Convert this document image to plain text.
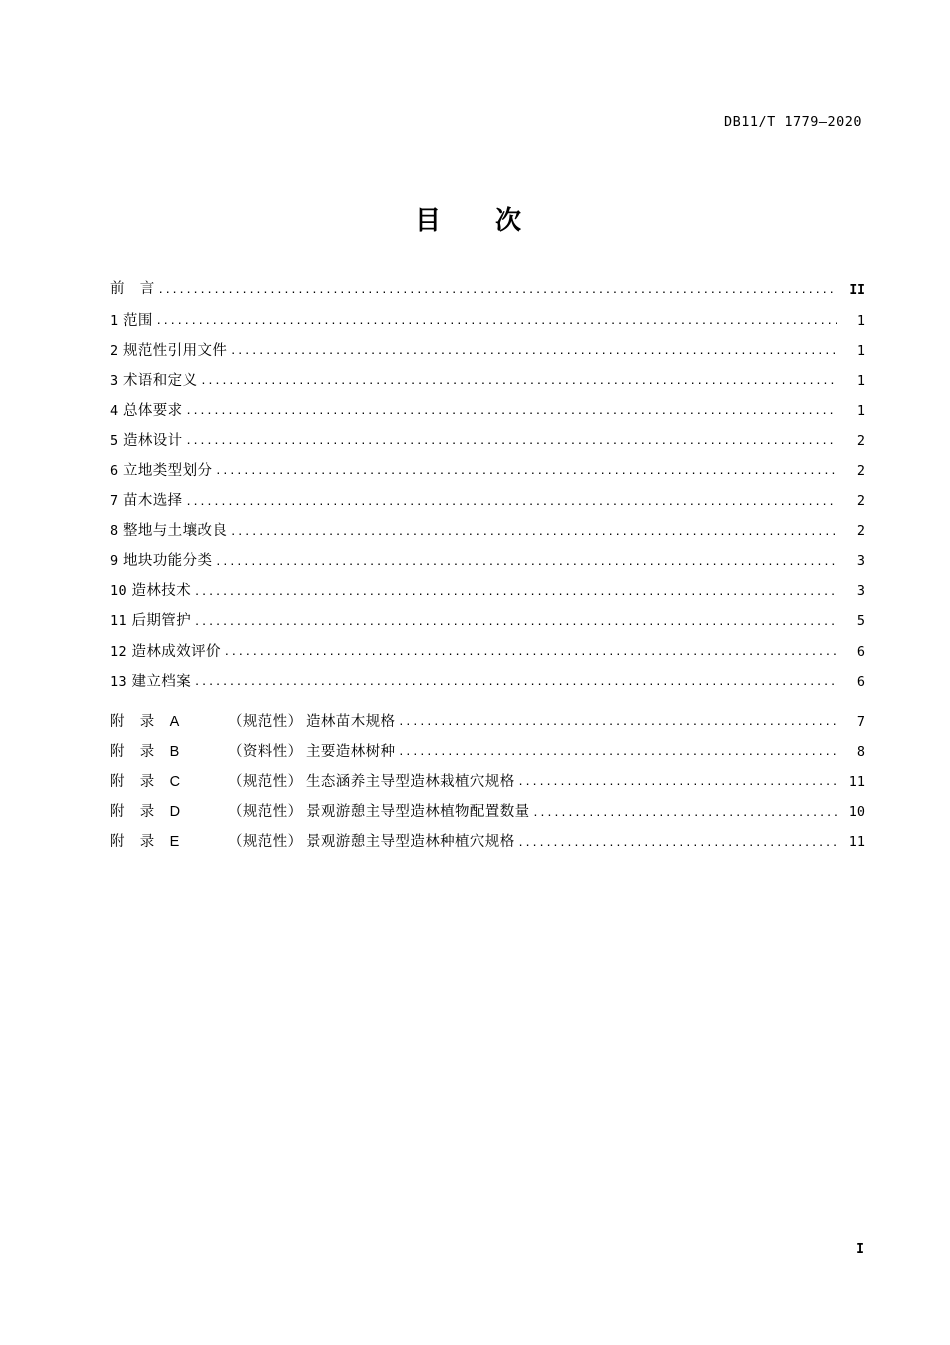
DB11/T 1779—2020
目　次
前　言 .....	II
1 范围 .....	1
2 规范性引用文件 .....	1
3 术语和定义 .....	1
4 总体要求 .....	1
5 造林设计 .....	2
6 立地类型划分 .....	2
7 苗木选择 .....	2
8 整地与土壤改良 .....	2
9 地块功能分类 .....	3
10 造林技术 .....	3
11 后期管护 .....	5
12 造林成效评价 .....	6
13 建立档案 .....	6
附　录　A	（规范性） 造林苗木规格 .....	7
附　录　B	（资料性） 主要造林树种 .....	8
附　录　C	（规范性） 生态涵养主导型造林栽植穴规格 .....	11
附　录　D	（规范性） 景观游憩主导型造林植物配置数量 .....	10
附　录　E	（规范性） 景观游憩主导型造林种植穴规格 .....	11
I
